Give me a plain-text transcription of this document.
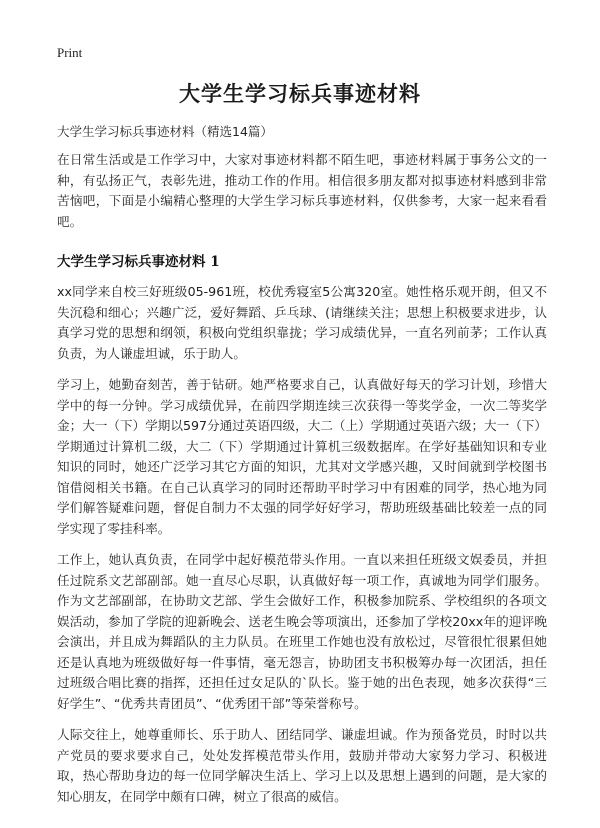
Print
大学生学习标兵事迹材料
大学生学习标兵事迹材料（精选14篇）

在日常生活或是工作学习中，大家对事迹材料都不陌生吧，事迹材料属于事务公文的一种，有弘扬正气，表彰先进，推动工作的作用。相信很多朋友都对拟事迹材料感到非常苦恼吧，下面是小编精心整理的大学生学习标兵事迹材料，仅供参考，大家一起来看看吧。

大学生学习标兵事迹材料 1

xx同学来自校三好班级05-961班，校优秀寝室5公寓320室。她性格乐观开朗，但又不失沉稳和细心；兴趣广泛，爱好舞蹈、乒乓球、(请继续关注；思想上积极要求进步，认真学习党的思想和纲领，积极向党组织靠拢；学习成绩优异，一直名列前茅；工作认真负责，为人谦虚坦诚，乐于助人。

学习上，她勤奋刻苦，善于钻研。她严格要求自己，认真做好每天的学习计划，珍惜大学中的每一分钟。学习成绩优异，在前四学期连续三次获得一等奖学金，一次二等奖学金；大一（下）学期以597分通过英语四级，大二（上）学期通过英语六级；大一（下）学期通过计算机二级，大二（下）学期通过计算机三级数据库。在学好基础知识和专业知识的同时，她还广泛学习其它方面的知识，尤其对文学感兴趣，又时间就到学校图书馆借阅相关书籍。在自己认真学习的同时还帮助平时学习中有困难的同学，热心地为同学们解答疑难问题，督促自制力不太强的同学好好学习，帮助班级基础比较差一点的同学实现了零挂科率。

工作上，她认真负责，在同学中起好模范带头作用。一直以来担任班级文娱委员，并担任过院系文艺部副部。她一直尽心尽职，认真做好每一项工作，真诚地为同学们服务。作为文艺部副部，在协助文艺部、学生会做好工作，积极参加院系、学校组织的各项文娱活动，参加了学院的迎新晚会、送老生晚会等项演出，还参加了学校20xx年的迎评晚会演出，并且成为舞蹈队的主力队员。在班里工作她也没有放松过，尽管很忙很累但她还是认真地为班级做好每一件事情，毫无怨言，协助团支书积极筹办每一次团活，担任过班级合唱比赛的指挥，还担任过女足队的`队长。鉴于她的出色表现，她多次获得“三好学生”、“优秀共青团员”、“优秀团干部”等荣誉称号。

人际交往上，她尊重师长、乐于助人、团结同学、谦虚坦诚。作为预备党员，时时以共产党员的要求要求自己，处处发挥模范带头作用，鼓励并带动大家努力学习、积极进取，热心帮助身边的每一位同学解决生活上、学习上以及思想上遇到的问题，是大家的知心朋友，在同学中颇有口碑，树立了很高的威信。
